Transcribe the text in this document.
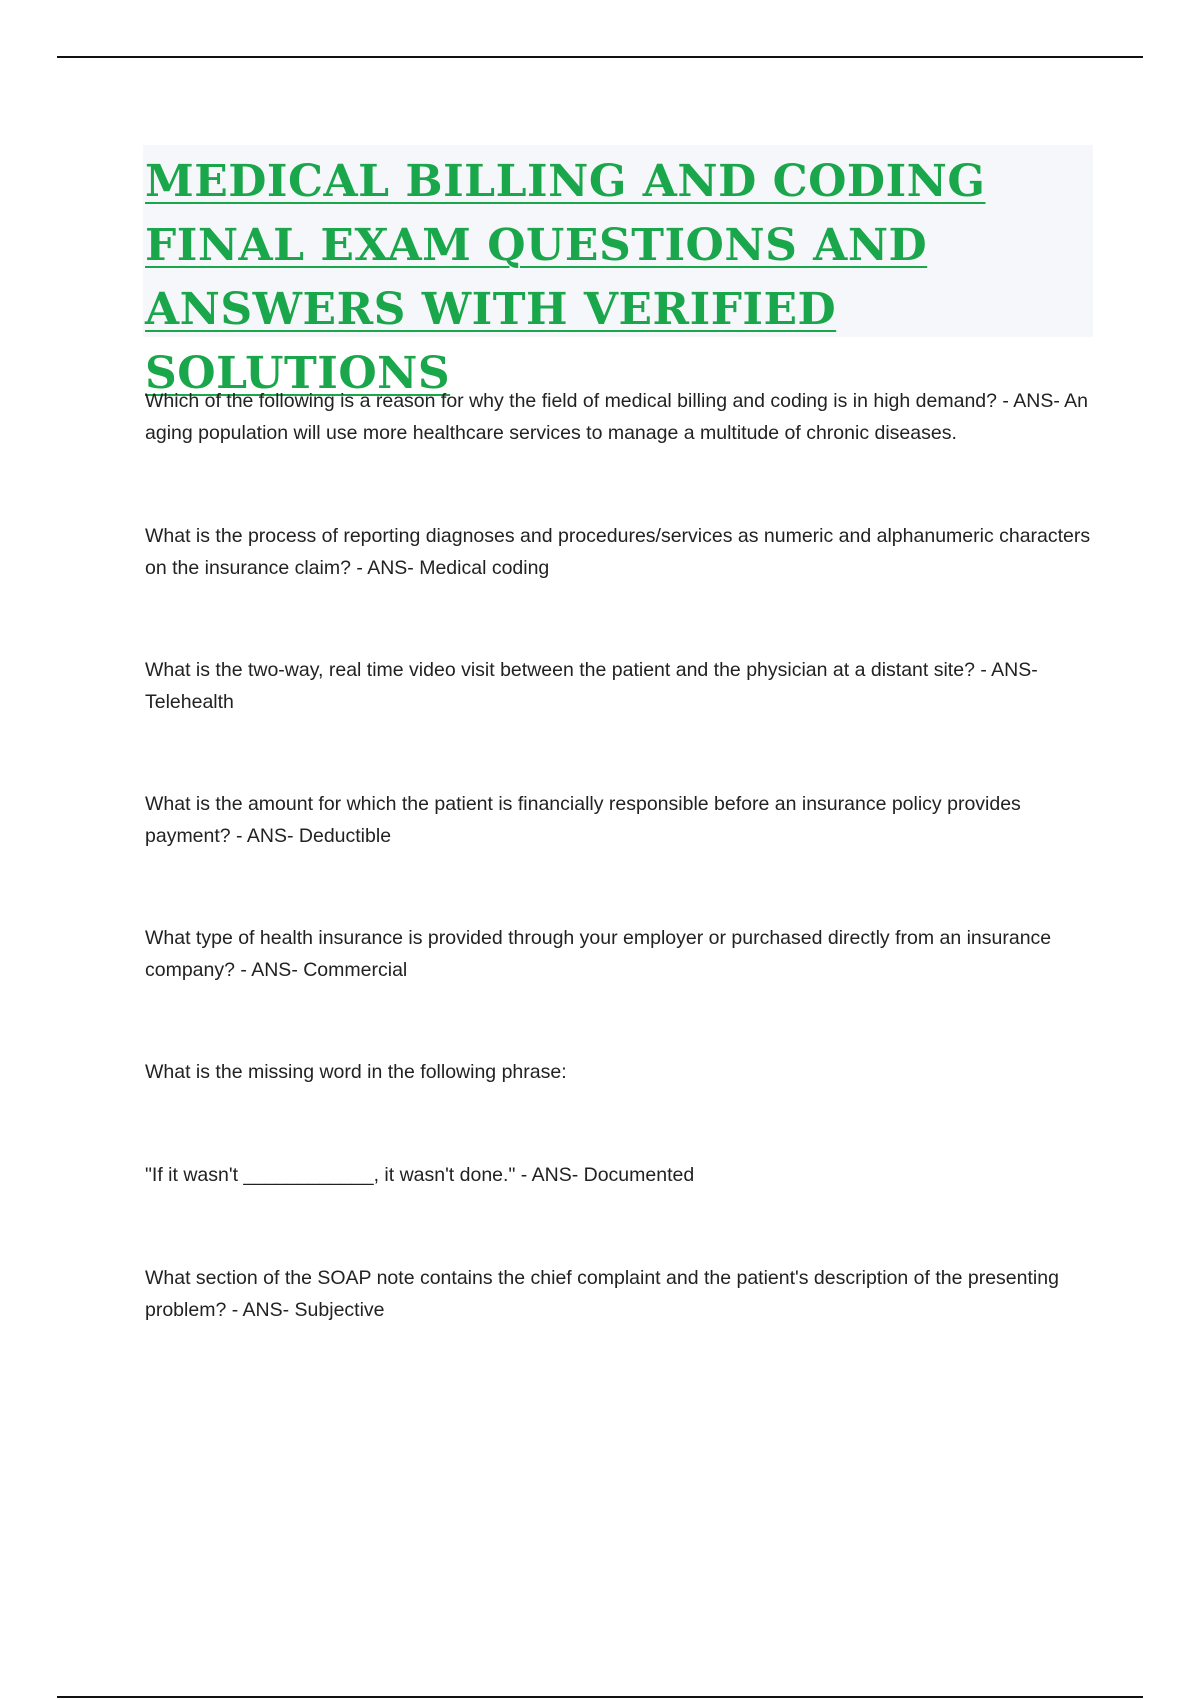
MEDICAL BILLING AND CODING FINAL EXAM QUESTIONS AND ANSWERS WITH VERIFIED SOLUTIONS

Which of the following is a reason for why the field of medical billing and coding is in high demand? - ANS- An aging population will use more healthcare services to manage a multitude of chronic diseases.

What is the process of reporting diagnoses and procedures/services as numeric and alphanumeric characters on the insurance claim? - ANS- Medical coding

What is the two-way, real time video visit between the patient and the physician at a distant site? - ANS- Telehealth

What is the amount for which the patient is financially responsible before an insurance policy provides payment? - ANS- Deductible

What type of health insurance is provided through your employer or purchased directly from an insurance company? - ANS- Commercial

What is the missing word in the following phrase:

"If it wasn't ____________, it wasn't done." - ANS- Documented

What section of the SOAP note contains the chief complaint and the patient's description of the presenting problem? - ANS- Subjective
